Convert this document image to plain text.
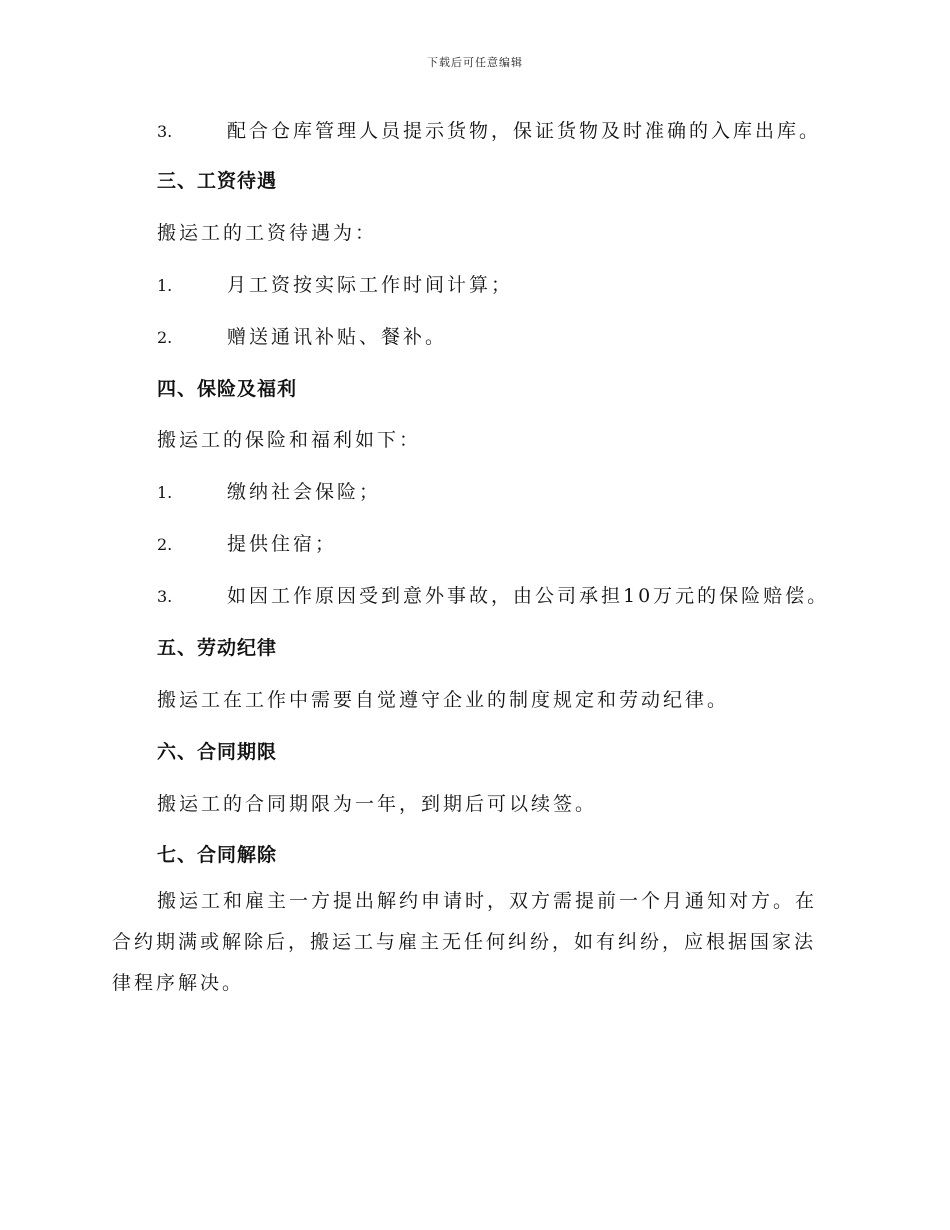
下载后可任意编辑
3.	配合仓库管理人员提示货物，保证货物及时准确的入库出库。
三、工资待遇
搬运工的工资待遇为：
1.	月工资按实际工作时间计算；
2.	赠送通讯补贴、餐补。
四、保险及福利
搬运工的保险和福利如下：
1.	缴纳社会保险；
2.	提供住宿；
3.	如因工作原因受到意外事故，由公司承担10万元的保险赔偿。
五、劳动纪律
搬运工在工作中需要自觉遵守企业的制度规定和劳动纪律。
六、合同期限
搬运工的合同期限为一年，到期后可以续签。
七、合同解除
搬运工和雇主一方提出解约申请时，双方需提前一个月通知对方。在合约期满或解除后，搬运工与雇主无任何纠纷，如有纠纷，应根据国家法律程序解决。
